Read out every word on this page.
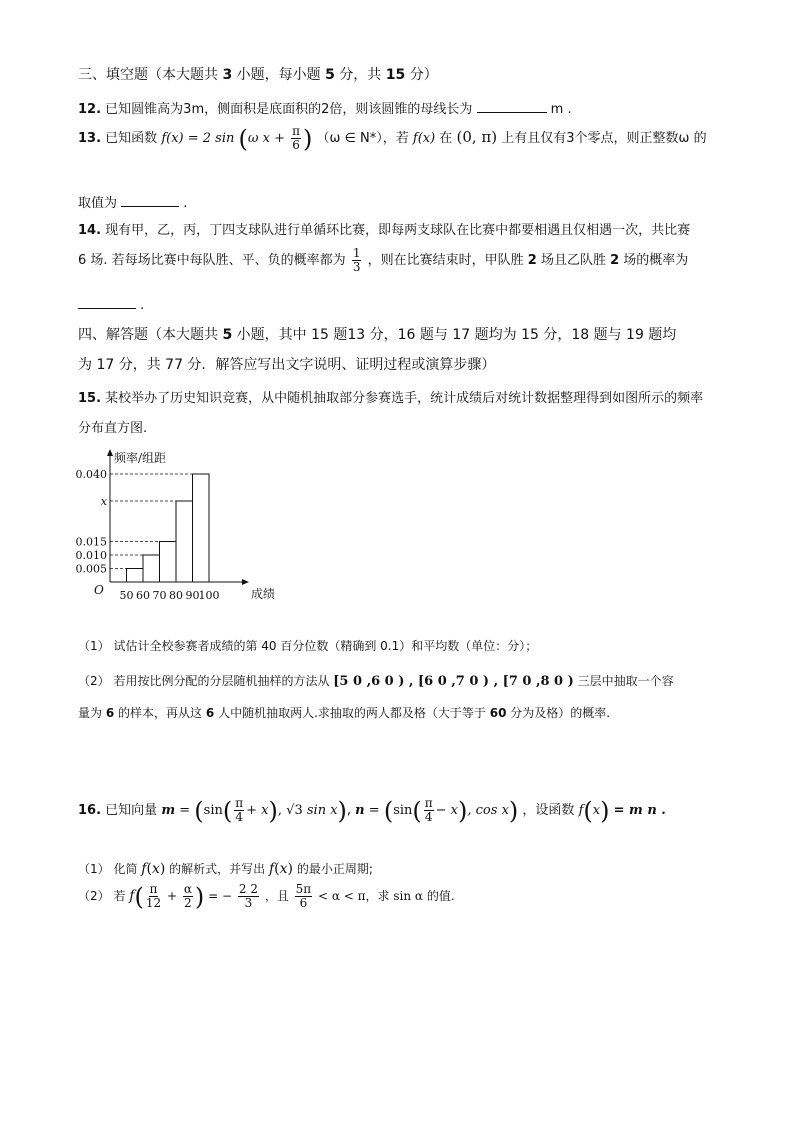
三、填空题（本大题共 3 小题，每小题 5 分，共 15 分）
12. 已知圆锥高为3m，侧面积是底面积的2倍，则该圆锥的母线长为	m .
13. 已知函数 f(x) = 2 sin (ω $x + \frac{\pi}{6}$ ) （ω ∈ N*），若 f(x) 在 (0, π) 上有且仅有3个零点，则正整数ω 的
取值为	.
14. 现有甲，乙，丙，丁四支球队进行单循环比赛，即每两支球队在比赛中都要相遇且仅相遇一次，共比赛
6 场. 若每场比赛中每队胜、平、负的概率都为 $\frac{1}{3}$ ，则在比赛结束时，甲队胜 2 场且乙队胜 2 场的概率为
.
四、解答题（本大题共 5 小题，其中 15 题13 分，16 题与 17 题均为 15 分，18 题与 19 题均
为 17 分，共 77 分．解答应写出文字说明、证明过程或演算步骤）
15. 某校举办了历史知识竞赛，从中随机抽取部分参赛选手，统计成绩后对统计数据整理得到如图所示的频率
分布直方图.
频率/组距
成绩
O
0.040
x
0.015
0.010
0.005
50 60 70 80 90 100
（1） 试估计全校参赛者成绩的第 40 百分位数（精确到 0.1）和平均数（单位：分）；
（2） 若用按比例分配的分层随机抽样的方法从 [5 0 ,6 0 ) , [6 0 ,7 0 ) , [7 0 ,8 0 ) 三层中抽取一个容
量为 6 的样本，再从这 6 人中随机抽取两人.求抽取的两人都及格（大于等于 60 分为及格）的概率.
16. 已知向量 $m = (\sin( \frac{\pi}{4} + x)$, √3 sin x), $n = (\sin( \frac{\pi}{4} - x)$, cos x) ，设函数 f(x) = m n .
（1） 化简 f(x) 的解析式，并写出 f(x) 的最小正周期;
（2） 若 $f( \frac{\pi}{12} + \frac{\alpha}{2}$ ) = − $\frac{2 2}{3}$ ，且 $\frac{5\pi}{6} < \alpha < \pi$，求 sin α 的值.
